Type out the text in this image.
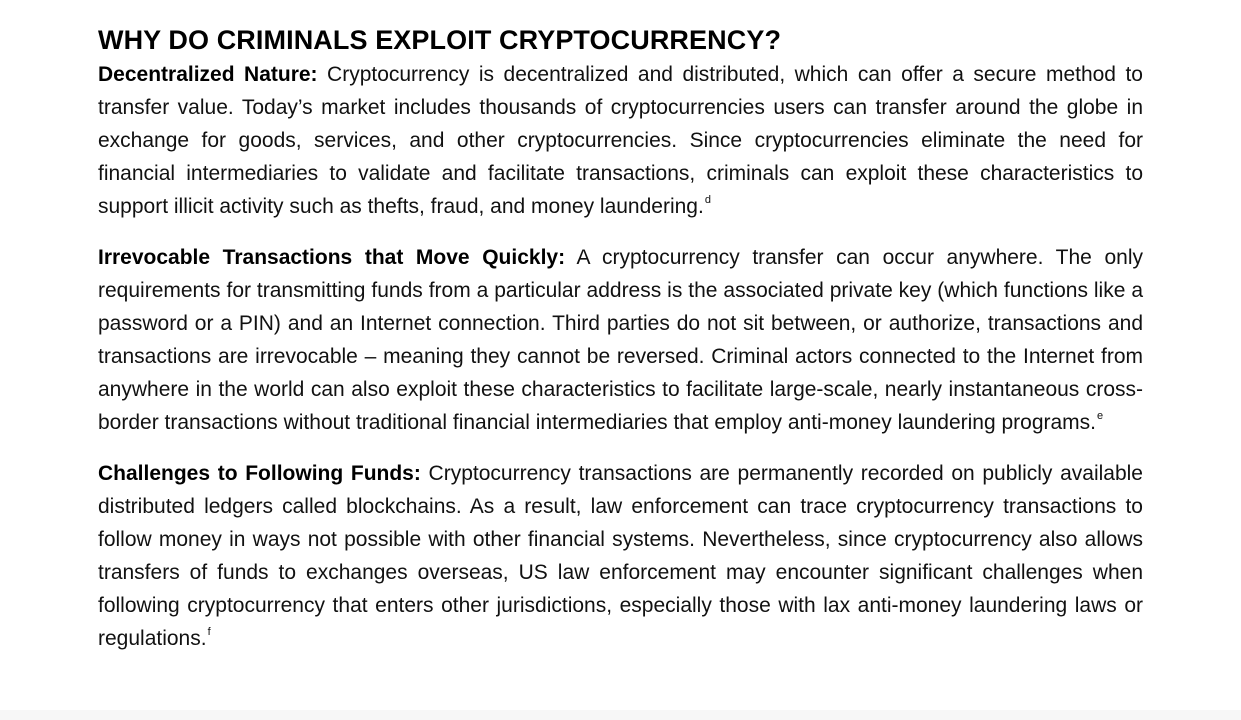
WHY DO CRIMINALS EXPLOIT CRYPTOCURRENCY?

Decentralized Nature: Cryptocurrency is decentralized and distributed, which can offer a secure method to transfer value. Today’s market includes thousands of cryptocurrencies users can transfer around the globe in exchange for goods, services, and other cryptocurrencies. Since cryptocurrencies eliminate the need for financial intermediaries to validate and facilitate transactions, criminals can exploit these characteristics to support illicit activity such as thefts, fraud, and money laundering.$^d$

Irrevocable Transactions that Move Quickly: A cryptocurrency transfer can occur anywhere. The only requirements for transmitting funds from a particular address is the associated private key (which functions like a password or a PIN) and an Internet connection. Third parties do not sit between, or authorize, transactions and transactions are irrevocable – meaning they cannot be reversed. Criminal actors connected to the Internet from anywhere in the world can also exploit these characteristics to facilitate large-scale, nearly instantaneous cross-border transactions without traditional financial intermediaries that employ anti-money laundering programs.$^e$

Challenges to Following Funds: Cryptocurrency transactions are permanently recorded on publicly available distributed ledgers called blockchains. As a result, law enforcement can trace cryptocurrency transactions to follow money in ways not possible with other financial systems. Nevertheless, since cryptocurrency also allows transfers of funds to exchanges overseas, US law enforcement may encounter significant challenges when following cryptocurrency that enters other jurisdictions, especially those with lax anti-money laundering laws or regulations.$^f$
